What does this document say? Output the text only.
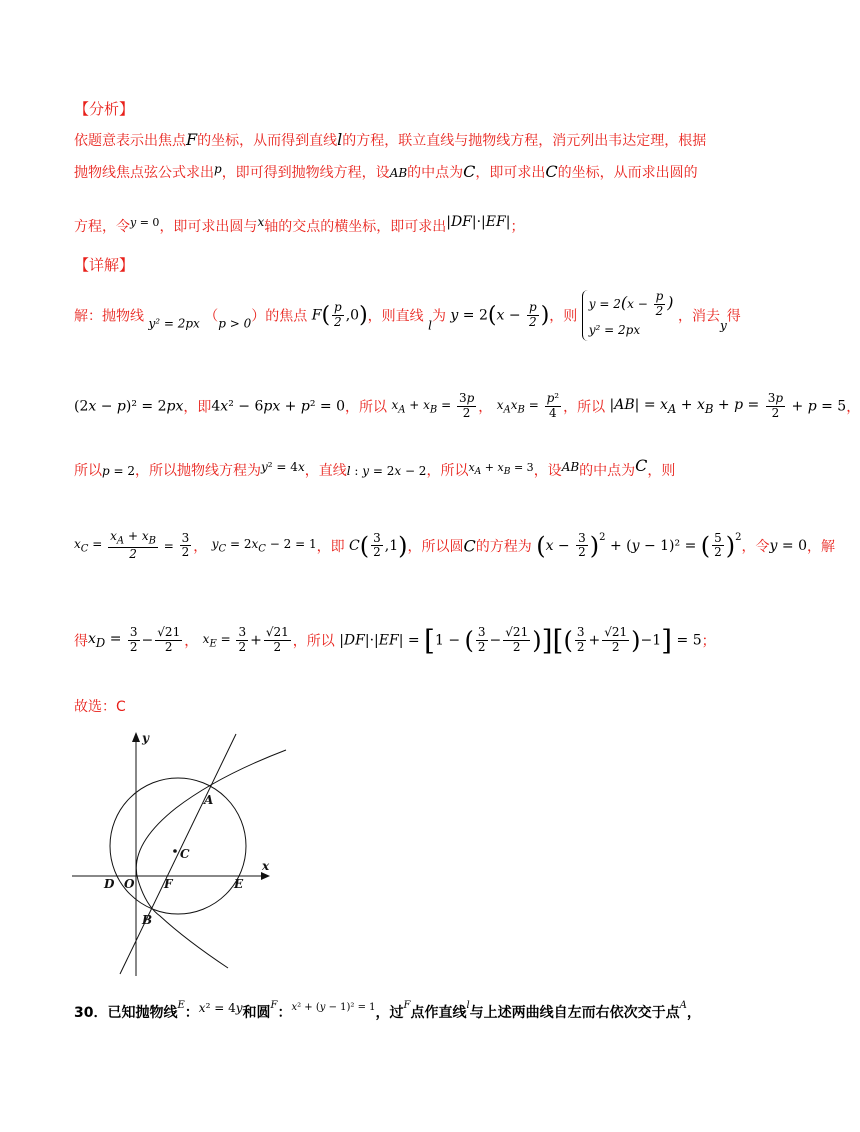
【分析】
依题意表示出焦点F的坐标，从而得到直线l的方程，联立直线与抛物线方程，消元列出韦达定理，根据
抛物线焦点弦公式求出p，即可得到抛物线方程，设AB的中点为C，即可求出C的坐标，从而求出圆的
方程，令$^y$ $^{= 0}$，即可求出圆与x轴的交点的横坐标，即可求出|DF|·|EF|；
【详解】
解：抛物线 y² = 2px （p > 0）的焦点 $F( \frac{p}{2} ,0)$，则直线 l为 $y = 2(x - \frac{p}{2}$ )，则
$y = 2(x - \frac{p}{2}$ )
y² = 2px
，消去y得
(2x − p)² = 2px，即4x² − 6px + p² = 0，所以 $x_A + x_B = \frac{3p}{2}$ ， $x_Ax_B = \frac{\text{p²}}{4}$ ，所以 $|AB| = x_A + x_B + p = \frac{3p}{2} + p = 5$，
所以p = 2，所以抛物线方程为y² = 4x，直线l : y = 2x − 2，所以$^{x_A + x_B = 3}$，设AB的中点为C，则
$x_C = \frac{x_A + x_B}{2} = \frac{3}{2}$ ， $y_C = 2x_C - 2 = 1$，即 $C( \frac{3}{2} ,1)$，所以圆C的方程为 $(x - \frac{3}{2} )^2 + (y - 1)^2$ = ( $\frac{5}{2} )^2$，令y = 0，解
得$x_D = \frac{3}{2} - \frac{√21}{2}$ ， $x_E = \frac{3}{2} + \frac{√21}{2}$ ，所以 |DF|·|EF| = [1 − ( $\frac{3}{2} - \frac{√21}{2}$ )][( $\frac{3}{2} + \frac{√21}{2} )-1] = 5$；
故选：C
y
x
A
C
D O F	E
B
30．已知抛物线$^E$：x² = 4y和圆$^F$：$^{x^2 + (y - 1)^2 = 1}$，过$^F$点作直线$^l$与上述两曲线自左而右依次交于点$^A$，
